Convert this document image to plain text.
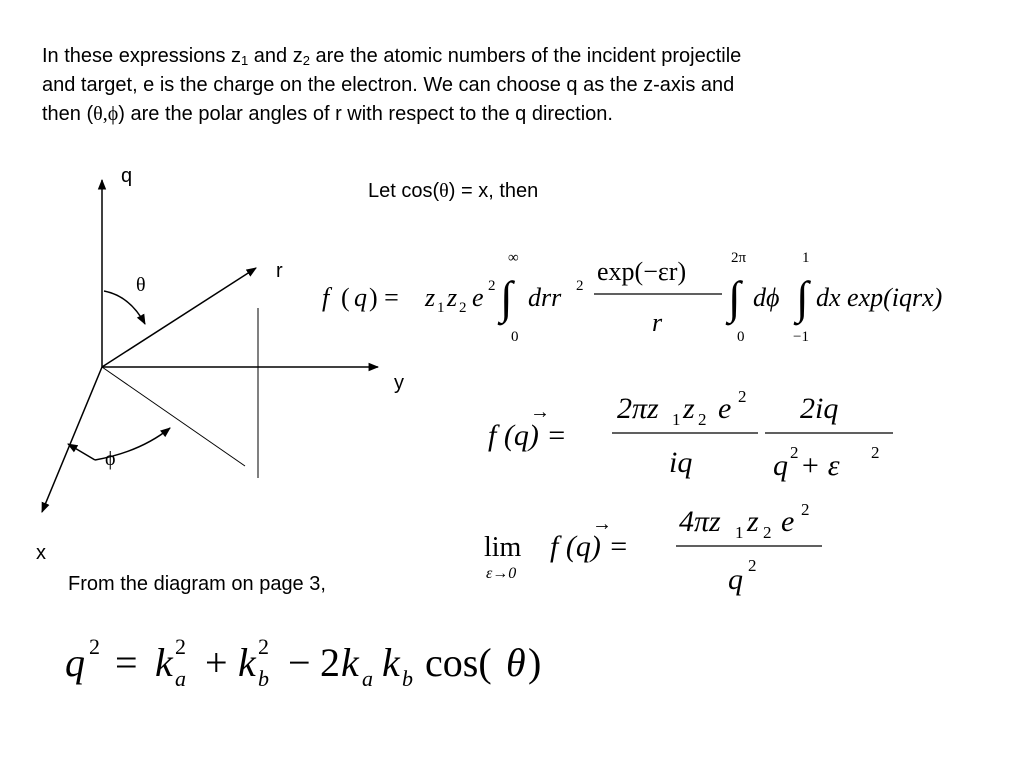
In these expressions $z_1$ and $z_2$ are the atomic numbers of the incident projectile
and target, e is the charge on the electron. We can choose q as the z-axis and
then (θ,ϕ) are the polar angles of r with respect to the q direction.

q
r
y
x
θ
ϕ
Let cos(θ) = x, then
From the diagram on page 3,
f ( q ) = z 1 z 2 e 2
∞
∫
0
drr 2 exp(−εr)
r
2π
∫
0
dϕ
1
∫
−1
dx exp(iqrx)
f (q) =
→ 2πz 1 z 2 e 2
iq
2iq
q 2 + ε 2
lim
ε→0
f (q) =
→ 4πz 1 z 2 e 2
q 2
q 2 = k 2
a + k 2
b − 2 k a k b cos( θ )
